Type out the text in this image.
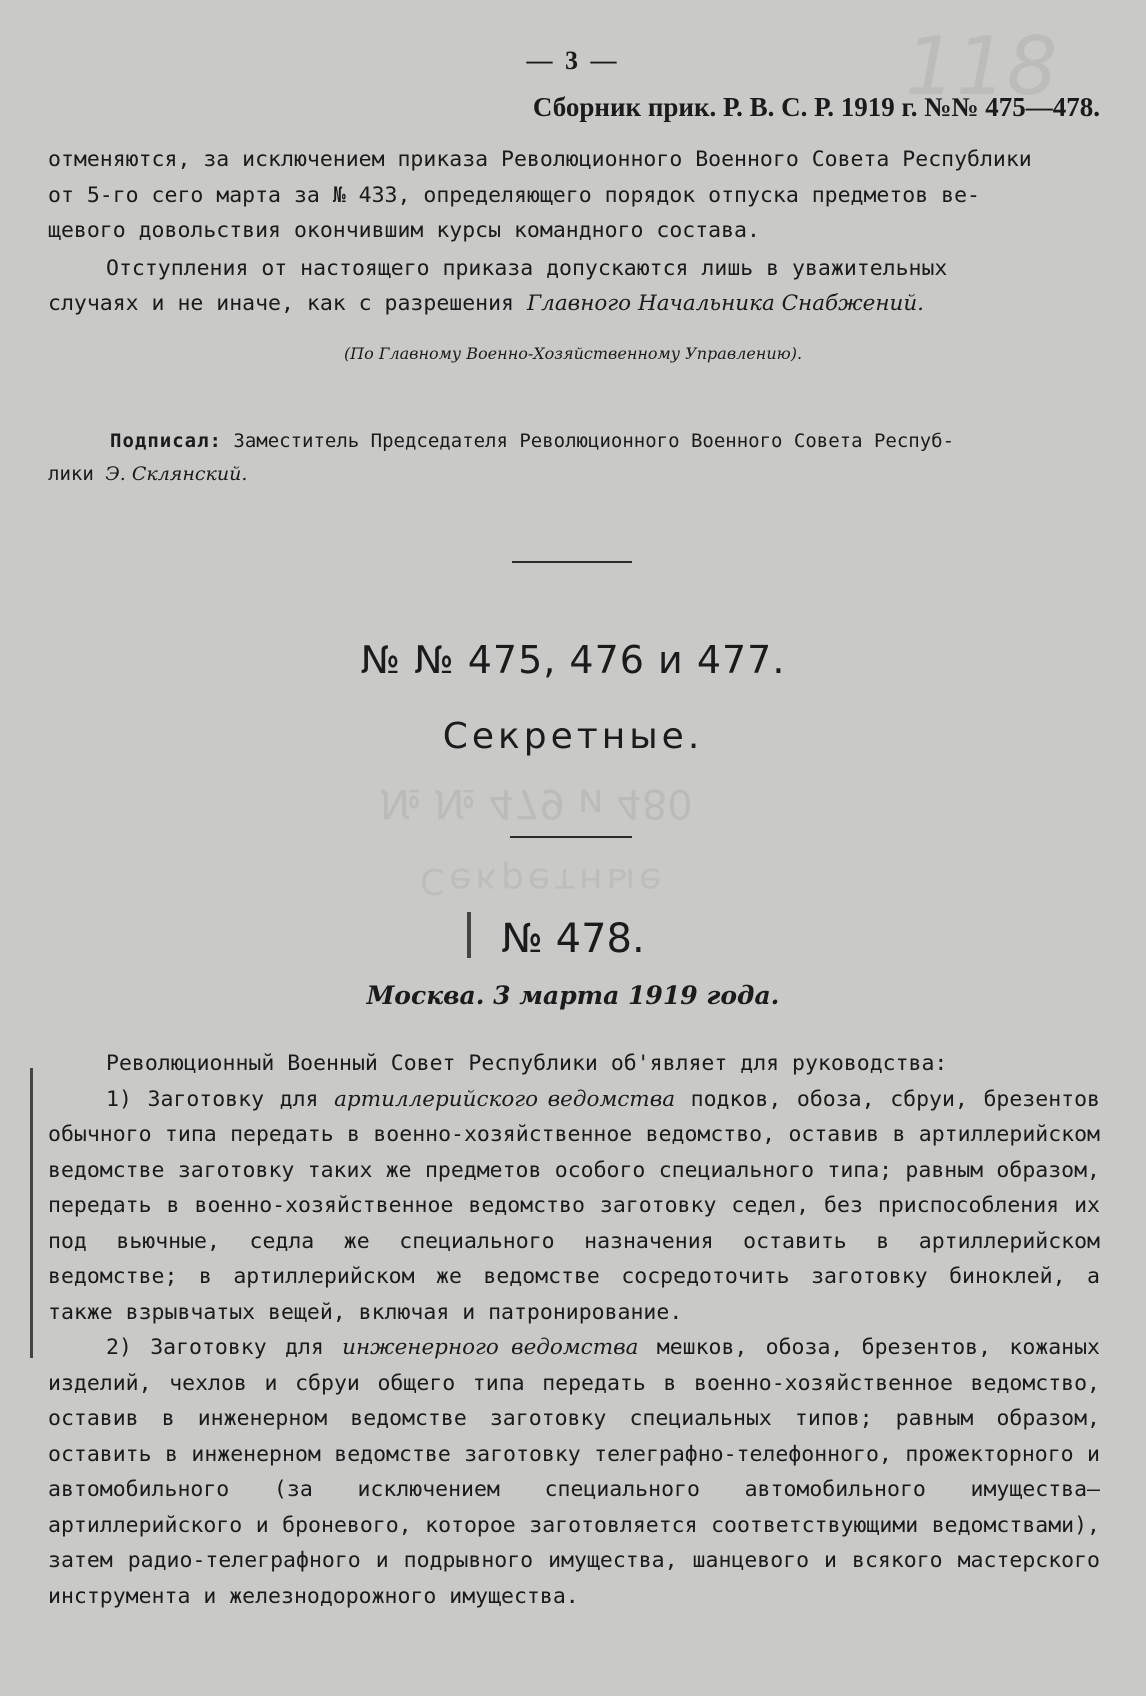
№ № 479 и 480
Секретные
118
— 3 —
Сборник прик. Р. В. С. Р. 1919 г. №№ 475—478.

отменяются, за исключением приказа Революционного Военного Совета Республики

от 5-го сего марта за № 433, определяющего порядок отпуска предметов ве-

щевого довольствия окончившим курсы командного состава.

Отступления от настоящего приказа допускаются лишь в уважительных

случаях и не иначе, как с разрешения Главного Начальника Снабжений.

(По Главному Военно-Хозяйственному Управлению).
Подписал: Заместитель Председателя Революционного Военного Совета Респуб-
лики Э. Склянский.
№ № 475, 476 и 477.
Секретные.
№ 478.
Москва. 3 марта 1919 года.

Революционный Военный Совет Республики об'являет для руководства:

1) Заготовку для артиллерийского ведомства подков, обоза, сбруи, брезентов обычного типа передать в военно-хозяйственное ведомство, оставив в артиллерийском ведомстве заготовку таких же предметов особого специального типа; равным образом, передать в военно-хозяйственное ведомство заготовку седел, без приспособления их под вьючные, седла же специального назначения оставить в артиллерийском ведомстве; в артиллерийском же ведомстве сосредоточить заготовку биноклей, а также взрывчатых вещей, включая и патронирование.

2) Заготовку для инженерного ведомства мешков, обоза, брезентов, кожаных изделий, чехлов и сбруи общего типа передать в военно-хозяйственное ведомство, оставив в инженерном ведомстве заготовку специальных типов; равным образом, оставить в инженерном ведомстве заготовку телеграфно-телефонного, прожекторного и автомобильного (за исключением специального автомобильного имущества—артиллерийского и броневого, которое заготовляется соответствующими ведомствами), затем радио-телеграфного и подрывного имущества, шанцевого и всякого мастерского инструмента и железнодорожного имущества.
